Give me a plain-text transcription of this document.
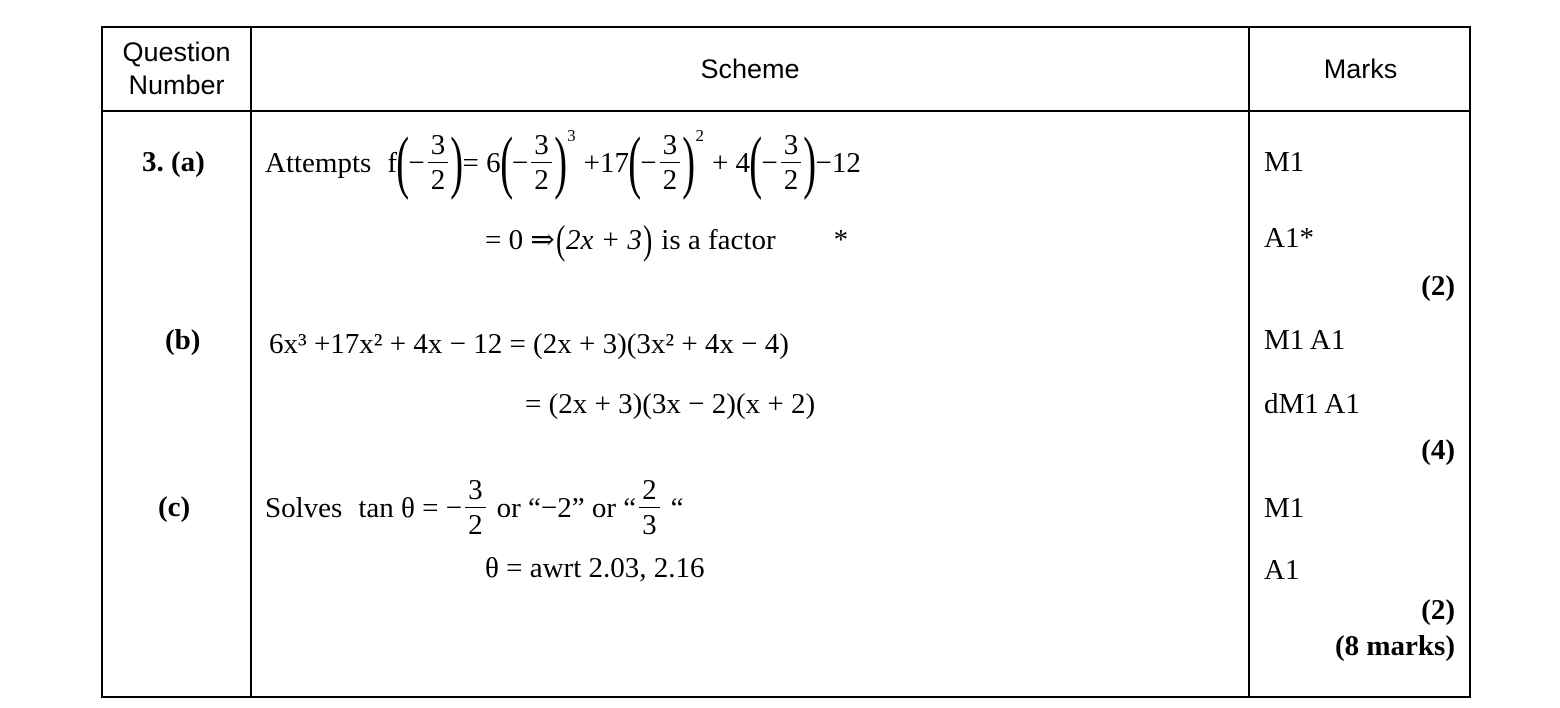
Question Number
Scheme	Marks
3. (a)
(b)
(c)
Attempts f ( − $\frac{3}{2}$ ) = 6 ( − $\frac{3}{2} )^3$
+17 ( − $\frac{3}{2} )^2$
+ 4 ( − $\frac{3}{2}$ ) −12
= 0 ⇒ ( 2x + 3 ) is a factor *
6x³ +17x² + 4x − 12 = (2x + 3)(3x² + 4x − 4)
= (2x + 3)(3x − 2)(x + 2)
Solves tan θ = − $\frac{3}{2}$ or “−2” or “ $\frac{2}{3}$ “
θ = awrt 2.03, 2.16
M1
A1*
(2)
M1 A1
dM1 A1
(4)
M1
A1
(2)
(8 marks)
